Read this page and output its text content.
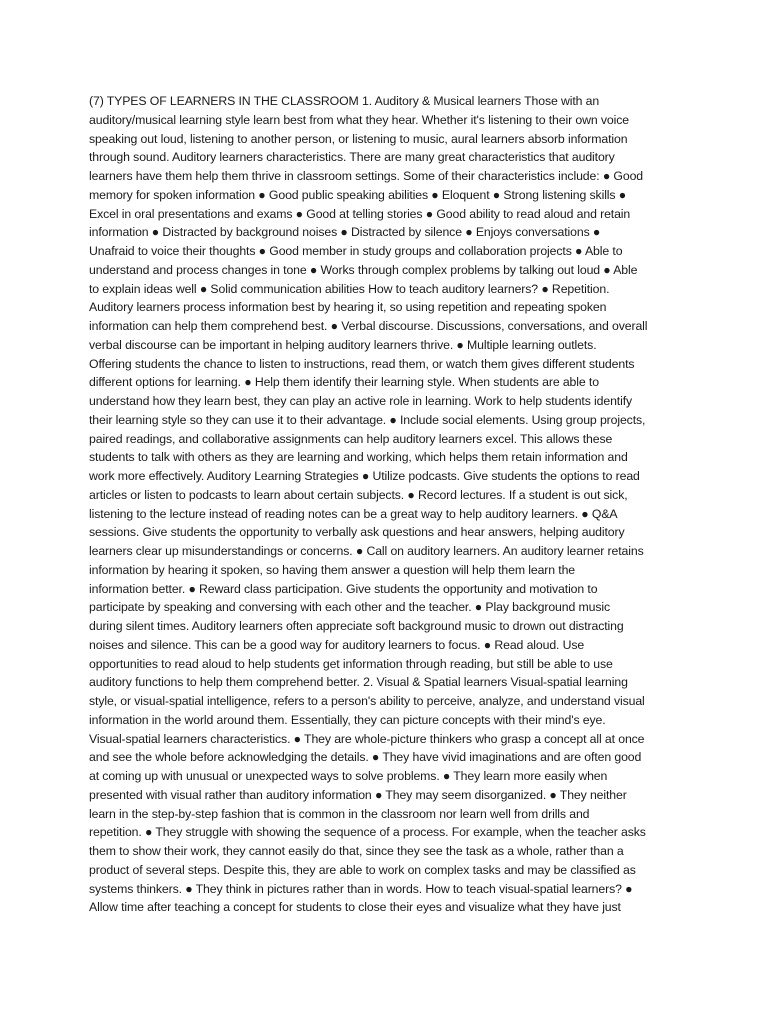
(7) TYPES OF LEARNERS IN THE CLASSROOM 1. Auditory & Musical learners Those with an
auditory/musical learning style learn best from what they hear. Whether it's listening to their own voice
speaking out loud, listening to another person, or listening to music, aural learners absorb information
through sound. Auditory learners characteristics. There are many great characteristics that auditory
learners have them help them thrive in classroom settings. Some of their characteristics include: ● Good
memory for spoken information ● Good public speaking abilities ● Eloquent ● Strong listening skills ●
Excel in oral presentations and exams ● Good at telling stories ● Good ability to read aloud and retain
information ● Distracted by background noises ● Distracted by silence ● Enjoys conversations ●
Unafraid to voice their thoughts ● Good member in study groups and collaboration projects ● Able to
understand and process changes in tone ● Works through complex problems by talking out loud ● Able
to explain ideas well ● Solid communication abilities How to teach auditory learners? ● Repetition.
Auditory learners process information best by hearing it, so using repetition and repeating spoken
information can help them comprehend best. ● Verbal discourse. Discussions, conversations, and overall
verbal discourse can be important in helping auditory learners thrive. ● Multiple learning outlets.
Offering students the chance to listen to instructions, read them, or watch them gives different students
different options for learning. ● Help them identify their learning style. When students are able to
understand how they learn best, they can play an active role in learning. Work to help students identify
their learning style so they can use it to their advantage. ● Include social elements. Using group projects,
paired readings, and collaborative assignments can help auditory learners excel. This allows these
students to talk with others as they are learning and working, which helps them retain information and
work more effectively. Auditory Learning Strategies ● Utilize podcasts. Give students the options to read
articles or listen to podcasts to learn about certain subjects. ● Record lectures. If a student is out sick,
listening to the lecture instead of reading notes can be a great way to help auditory learners. ● Q&A
sessions. Give students the opportunity to verbally ask questions and hear answers, helping auditory
learners clear up misunderstandings or concerns. ● Call on auditory learners. An auditory learner retains
information by hearing it spoken, so having them answer a question will help them learn the
information better. ● Reward class participation. Give students the opportunity and motivation to
participate by speaking and conversing with each other and the teacher. ● Play background music
during silent times. Auditory learners often appreciate soft background music to drown out distracting
noises and silence. This can be a good way for auditory learners to focus. ● Read aloud. Use
opportunities to read aloud to help students get information through reading, but still be able to use
auditory functions to help them comprehend better. 2. Visual & Spatial learners Visual-spatial learning
style, or visual-spatial intelligence, refers to a person's ability to perceive, analyze, and understand visual
information in the world around them. Essentially, they can picture concepts with their mind's eye.
Visual-spatial learners characteristics. ● They are whole-picture thinkers who grasp a concept all at once
and see the whole before acknowledging the details. ● They have vivid imaginations and are often good
at coming up with unusual or unexpected ways to solve problems. ● They learn more easily when
presented with visual rather than auditory information ● They may seem disorganized. ● They neither
learn in the step-by-step fashion that is common in the classroom nor learn well from drills and
repetition. ● They struggle with showing the sequence of a process. For example, when the teacher asks
them to show their work, they cannot easily do that, since they see the task as a whole, rather than a
product of several steps. Despite this, they are able to work on complex tasks and may be classified as
systems thinkers. ● They think in pictures rather than in words. How to teach visual-spatial learners? ●
Allow time after teaching a concept for students to close their eyes and visualize what they have just
